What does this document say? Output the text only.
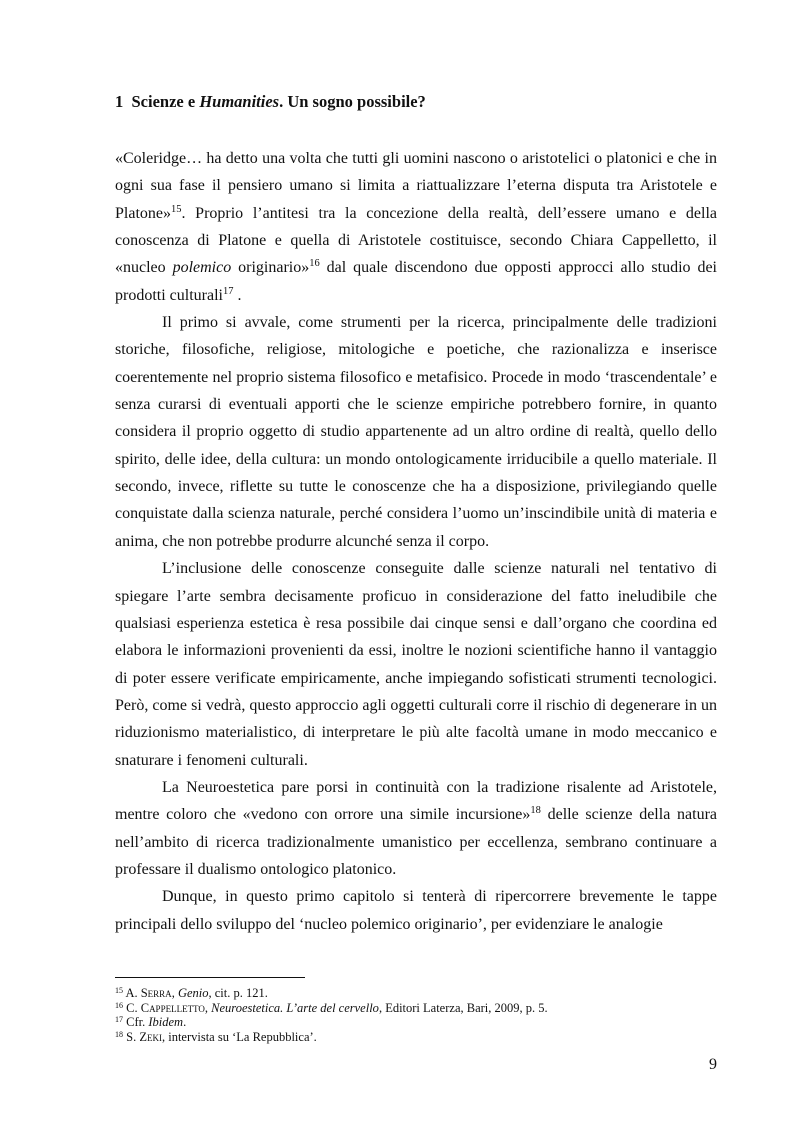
1 Scienze e Humanities. Un sogno possibile?

«Coleridge… ha detto una volta che tutti gli uomini nascono o aristotelici o platonici e che in ogni sua fase il pensiero umano si limita a riattualizzare l’eterna disputa tra Aristotele e Platone»$^{15}$. Proprio l’antitesi tra la concezione della realtà, dell’essere umano e della conoscenza di Platone e quella di Aristotele costituisce, secondo Chiara Cappelletto, il «nucleo polemico originario»$^{16}$ dal quale discendono due opposti approcci allo studio dei prodotti culturali$^{17}$ .

Il primo si avvale, come strumenti per la ricerca, principalmente delle tradizioni storiche, filosofiche, religiose, mitologiche e poetiche, che razionalizza e inserisce coerentemente nel proprio sistema filosofico e metafisico. Procede in modo ‘trascendentale’ e senza curarsi di eventuali apporti che le scienze empiriche potrebbero fornire, in quanto considera il proprio oggetto di studio appartenente ad un altro ordine di realtà, quello dello spirito, delle idee, della cultura: un mondo ontologicamente irriducibile a quello materiale. Il secondo, invece, riflette su tutte le conoscenze che ha a disposizione, privilegiando quelle conquistate dalla scienza naturale, perché considera l’uomo un’inscindibile unità di materia e anima, che non potrebbe produrre alcunché senza il corpo.

L’inclusione delle conoscenze conseguite dalle scienze naturali nel tentativo di spiegare l’arte sembra decisamente proficuo in considerazione del fatto ineludibile che qualsiasi esperienza estetica è resa possibile dai cinque sensi e dall’organo che coordina ed elabora le informazioni provenienti da essi, inoltre le nozioni scientifiche hanno il vantaggio di poter essere verificate empiricamente, anche impiegando sofisticati strumenti tecnologici. Però, come si vedrà, questo approccio agli oggetti culturali corre il rischio di degenerare in un riduzionismo materialistico, di interpretare le più alte facoltà umane in modo meccanico e snaturare i fenomeni culturali.

La Neuroestetica pare porsi in continuità con la tradizione risalente ad Aristotele, mentre coloro che «vedono con orrore una simile incursione»$^{18}$ delle scienze della natura nell’ambito di ricerca tradizionalmente umanistico per eccellenza, sembrano continuare a professare il dualismo ontologico platonico.

Dunque, in questo primo capitolo si tenterà di ripercorrere brevemente le tappe principali dello sviluppo del ‘nucleo polemico originario’, per evidenziare le analogie

$^{15}$ A. Serra, Genio, cit. p. 121.
$^{16}$ C. Cappelletto, Neuroestetica. L’arte del cervello, Editori Laterza, Bari, 2009, p. 5.
$^{17}$ Cfr. Ibidem.
$^{18}$ S. Zeki, intervista su ‘La Repubblica’.
9
